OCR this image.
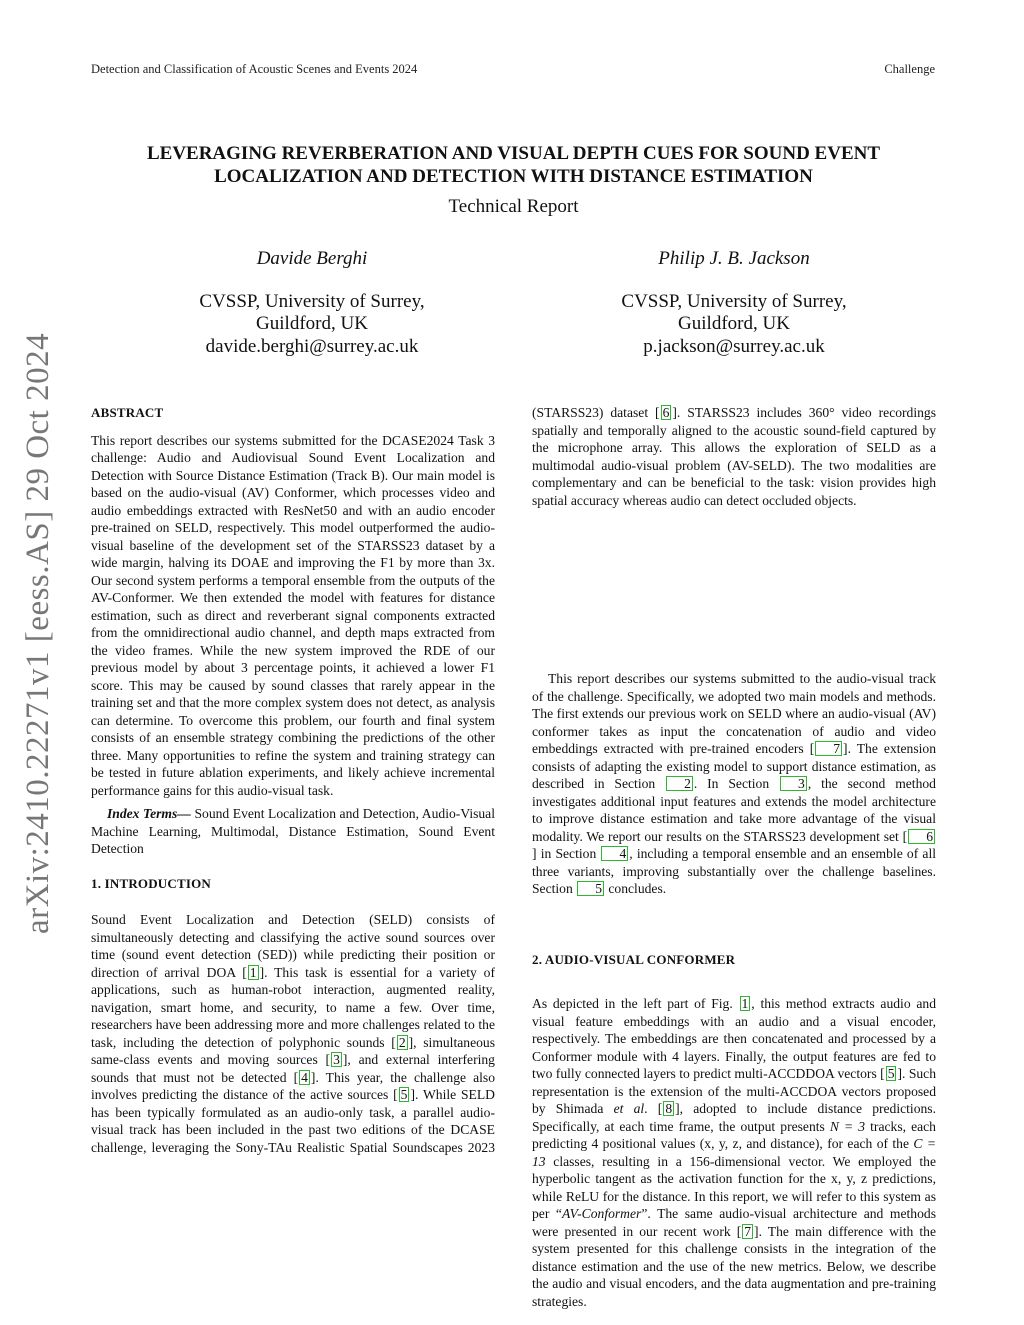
Detection and Classification of Acoustic Scenes and Events 2024	Challenge
LEVERAGING REVERBERATION AND VISUAL DEPTH CUES FOR SOUND EVENT
LOCALIZATION AND DETECTION WITH DISTANCE ESTIMATION
Technical Report
Davide Berghi
CVSSP, University of Surrey,
Guildford, UK
davide.berghi@surrey.ac.uk
Philip J. B. Jackson
CVSSP, University of Surrey,
Guildford, UK
p.jackson@surrey.ac.uk
arXiv:2410.22271v1 [eess.AS] 29 Oct 2024	ABSTRACT

This report describes our systems submitted for the DCASE2024 Task 3 challenge: Audio and Audiovisual Sound Event Localization and Detection with Source Distance Estimation (Track B). Our main model is based on the audio-visual (AV) Conformer, which processes video and audio embeddings extracted with ResNet50 and with an audio encoder pre-trained on SELD, respectively. This model outperformed the audio-visual baseline of the development set of the STARSS23 dataset by a wide margin, halving its DOAE and improving the F1 by more than 3x. Our second system performs a temporal ensemble from the outputs of the AV-Conformer. We then extended the model with features for distance estimation, such as direct and reverberant signal components extracted from the omnidirectional audio channel, and depth maps extracted from the video frames. While the new system improved the RDE of our previous model by about 3 percentage points, it achieved a lower F1 score. This may be caused by sound classes that rarely appear in the training set and that the more complex system does not detect, as analysis can determine. To overcome this problem, our fourth and final system consists of an ensemble strategy combining the predictions of the other three. Many opportunities to refine the system and training strategy can be tested in future ablation experiments, and likely achieve incremental performance gains for this audio-visual task.

Index Terms— Sound Event Localization and Detection, Audio-Visual Machine Learning, Multimodal, Distance Estimation, Sound Event Detection

1. INTRODUCTION

Sound Event Localization and Detection (SELD) consists of simultaneously detecting and classifying the active sound sources over time (sound event detection (SED)) while predicting their position or direction of arrival DOA [ 1 ]. This task is essential for a variety of applications, such as human-robot interaction, augmented reality, navigation, smart home, and security, to name a few. Over time, researchers have been addressing more and more challenges related to the task, including the detection of polyphonic sounds [ 2 ], simultaneous same-class events and moving sources [ 3 ], and external interfering sounds that must not be detected [ 4 ]. This year, the challenge also involves predicting the distance of the active sources [ 5 ]. While SELD has been typically formulated as an audio-only task, a parallel audio-visual track has been included in the past two editions of the DCASE challenge, leveraging the Sony-TAu Realistic Spatial Soundscapes 2023

(STARSS23) dataset [ 6 ]. STARSS23 includes 360° video recordings spatially and temporally aligned to the acoustic sound-field captured by the microphone array. This allows the exploration of SELD as a multimodal audio-visual problem (AV-SELD). The two modalities are complementary and can be beneficial to the task: vision provides high spatial accuracy whereas audio can detect occluded objects.

This report describes our systems submitted to the audio-visual track of the challenge. Specifically, we adopted two main models and methods. The first extends our previous work on SELD where an audio-visual (AV) conformer takes as input the concatenation of audio and video embeddings extracted with pre-trained encoders [ 7 ]. The extension consists of adapting the existing model to support distance estimation, as described in Section 2 . In Section 3 , the second method investigates additional input features and extends the model architecture to improve distance estimation and take more advantage of the visual modality. We report our results on the STARSS23 development set [ 6] in Section 4 , including a temporal ensemble and an ensemble of all three variants, improving substantially over the challenge baselines. Section 5 concludes.

2. AUDIO-VISUAL CONFORMER

As depicted in the left part of Fig. 1 , this method extracts audio and visual feature embeddings with an audio and a visual encoder, respectively. The embeddings are then concatenated and processed by a Conformer module with 4 layers. Finally, the output features are fed to two fully connected layers to predict multi-ACCDDOA vectors [ 5 ]. Such representation is the extension of the multi-ACCDOA vectors proposed by Shimada et al. [ 8 ], adopted to include distance predictions. Specifically, at each time frame, the output presents N = 3 tracks, each predicting 4 positional values (x, y, z, and distance), for each of the C = 13 classes, resulting in a 156-dimensional vector. We employed the hyperbolic tangent as the activation function for the x, y, z predictions, while ReLU for the distance. In this report, we will refer to this system as per “AV-Conformer”. The same audio-visual architecture and methods were presented in our recent work [ 7 ]. The main difference with the system presented for this challenge consists in the integration of the distance estimation and the use of the new metrics. Below, we describe the audio and visual encoders, and the data augmentation and pre-training strategies.
